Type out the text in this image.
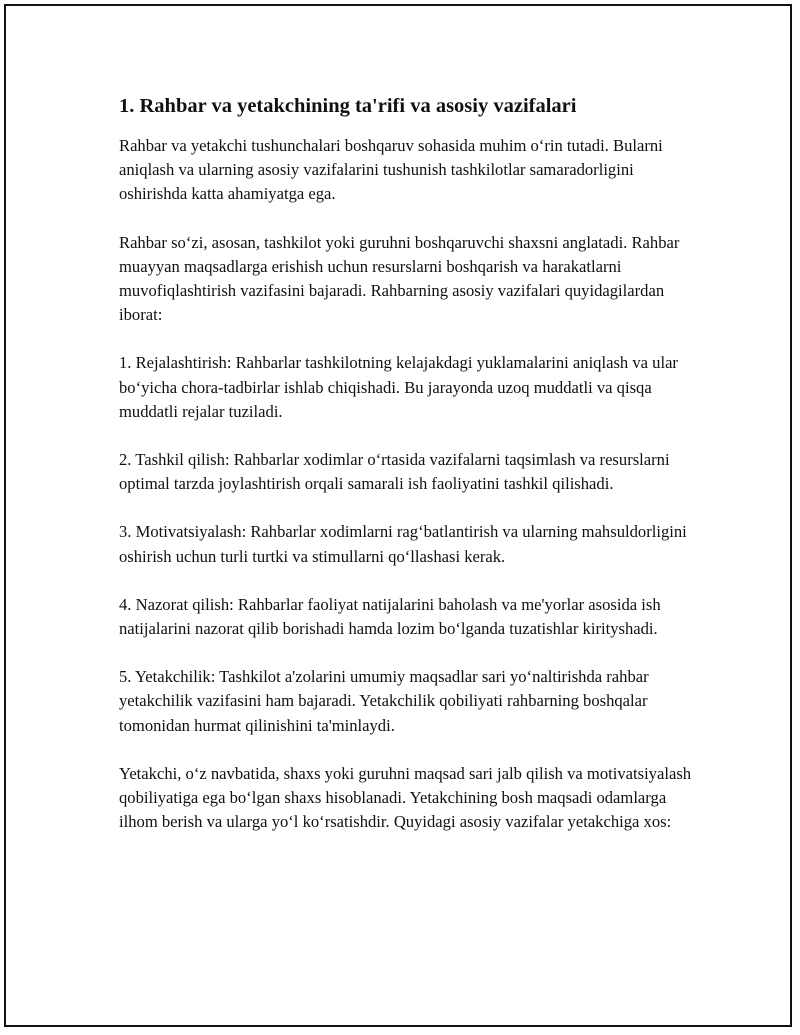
1. Rahbar va yetakchining ta'rifi va asosiy vazifalari

Rahbar va yetakchi tushunchalari boshqaruv sohasida muhim o‘rin tutadi. Bularni aniqlash va ularning asosiy vazifalarini tushunish tashkilotlar samaradorligini oshirishda katta ahamiyatga ega.

Rahbar so‘zi, asosan, tashkilot yoki guruhni boshqaruvchi shaxsni anglatadi. Rahbar muayyan maqsadlarga erishish uchun resurslarni boshqarish va harakatlarni muvofiqlashtirish vazifasini bajaradi. Rahbarning asosiy vazifalari quyidagilardan iborat:

1. Rejalashtirish: Rahbarlar tashkilotning kelajakdagi yuklamalarini aniqlash va ular bo‘yicha chora-tadbirlar ishlab chiqishadi. Bu jarayonda uzoq muddatli va qisqa muddatli rejalar tuziladi.

2. Tashkil qilish: Rahbarlar xodimlar o‘rtasida vazifalarni taqsimlash va resurslarni optimal tarzda joylashtirish orqali samarali ish faoliyatini tashkil qilishadi.

3. Motivatsiyalash: Rahbarlar xodimlarni rag‘batlantirish va ularning mahsuldorligini oshirish uchun turli turtki va stimullarni qo‘llashasi kerak.

4. Nazorat qilish: Rahbarlar faoliyat natijalarini baholash va me'yorlar asosida ish natijalarini nazorat qilib borishadi hamda lozim bo‘lganda tuzatishlar kirityshadi.

5. Yetakchilik: Tashkilot a'zolarini umumiy maqsadlar sari yo‘naltirishda rahbar yetakchilik vazifasini ham bajaradi. Yetakchilik qobiliyati rahbarning boshqalar tomonidan hurmat qilinishini ta'minlaydi.

Yetakchi, o‘z navbatida, shaxs yoki guruhni maqsad sari jalb qilish va motivatsiyalash qobiliyatiga ega bo‘lgan shaxs hisoblanadi. Yetakchining bosh maqsadi odamlarga ilhom berish va ularga yo‘l ko‘rsatishdir. Quyidagi asosiy vazifalar yetakchiga xos:
